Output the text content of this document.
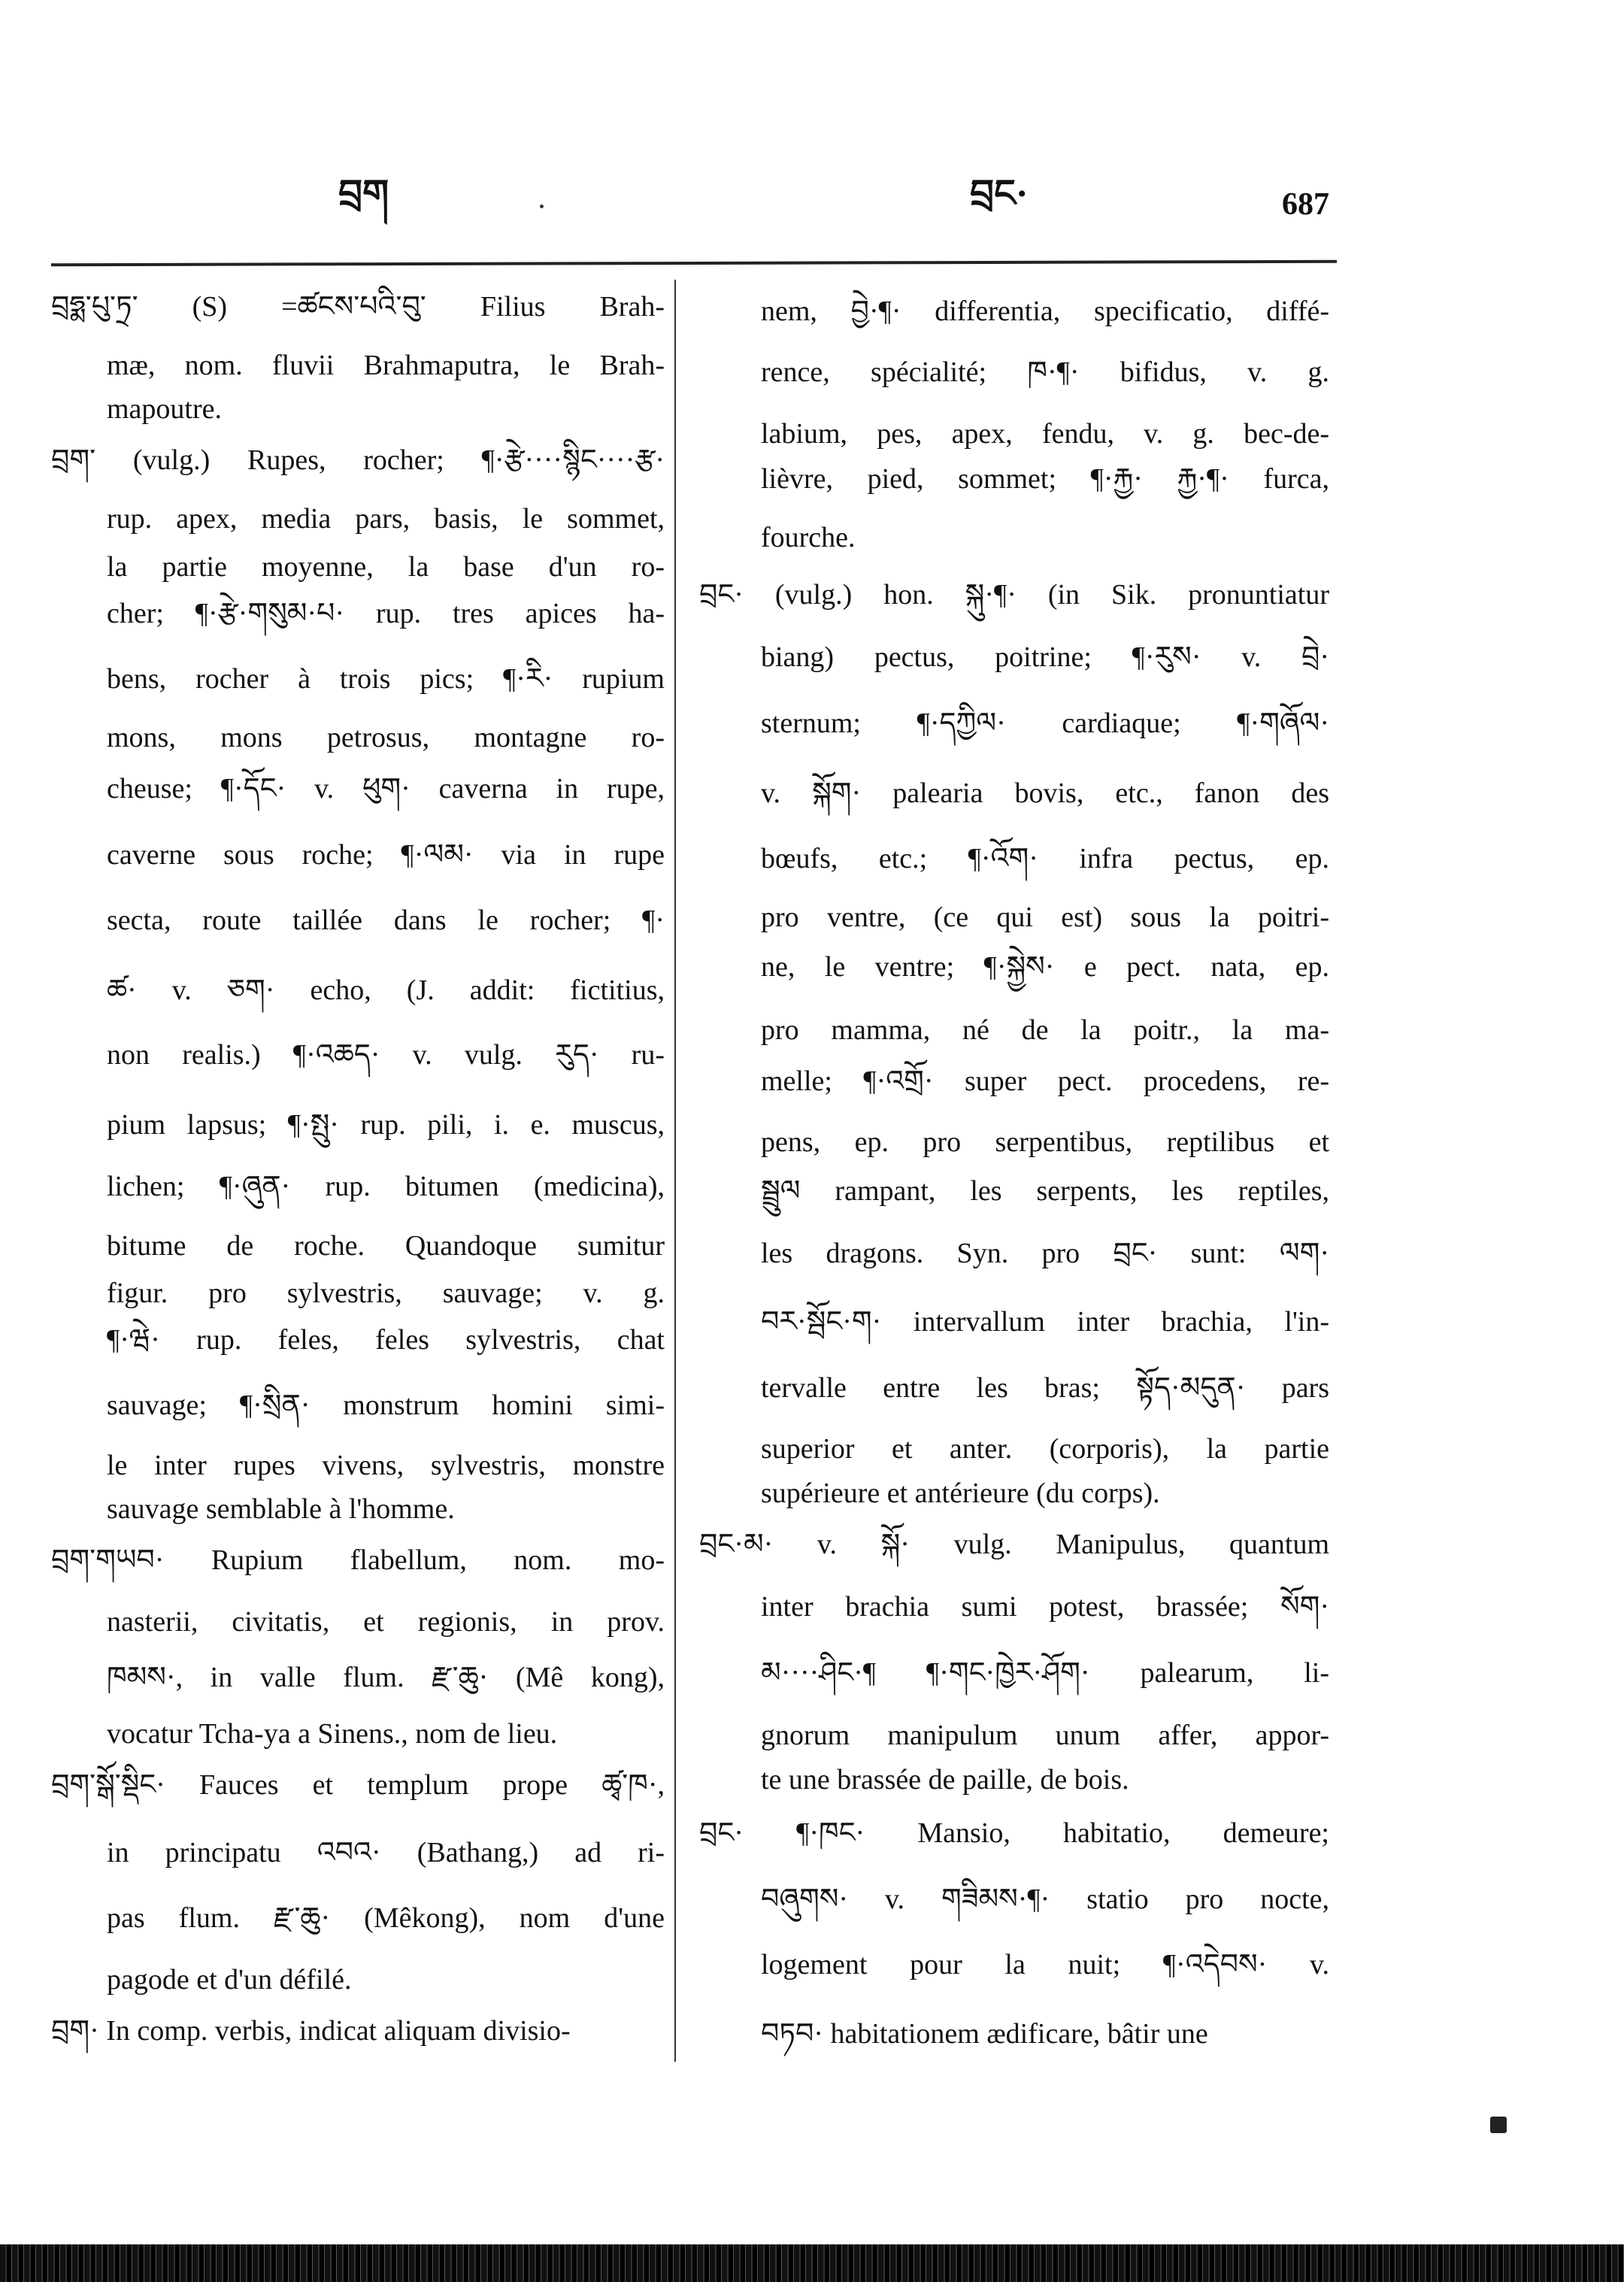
བྲག	བྲང·	687
བྲཧྨ་པུ་ཏྲ་ (S) =ཚངས་པའི་བུ་ Filius Brah-
mæ, nom. fluvii Brahmaputra, le Brah-
mapoutre.
བྲག་ (vulg.) Rupes, rocher; ¶·རྩེ····སྙིང····རྩ·
rup. apex, media pars, basis, le sommet,
la partie moyenne, la base d'un ro-
cher; ¶·རྩེ·གསུམ·པ· rup. tres apices ha-
bens, rocher à trois pics; ¶·རི· rupium
mons, mons petrosus, montagne ro-
cheuse; ¶·དོང· v. ཕུག· caverna in rupe,
caverne sous roche; ¶·ལམ· via in rupe
secta, route taillée dans le rocher; ¶·
ཚ· v. ཅག· echo, (J. addit: fictitius,
non realis.) ¶·འཆད· v. vulg. རུད· ru-
pium lapsus; ¶·སྤུ· rup. pili, i. e. muscus,
lichen; ¶·ཞུན· rup. bitumen (medicina),
bitume de roche. Quandoque sumitur
figur. pro sylvestris, sauvage; v. g.
¶·ཝེ· rup. feles, feles sylvestris, chat
sauvage; ¶·སྲིན· monstrum homini simi-
le inter rupes vivens, sylvestris, monstre
sauvage semblable à l'homme.
བྲག་གཡབ· Rupium flabellum, nom. mo-
nasterii, civitatis, et regionis, in prov.
ཁམས·, in valle flum. རྫ་ཆུ· (Mê kong),
vocatur Tcha-ya a Sinens., nom de lieu.
བྲག་སྒོ་སྡིང· Fauces et templum prope ཚྭ་ཁ·,
in principatu འབའ· (Bathang,) ad ri-
pas flum. རྫ་ཆུ· (Mêkong), nom d'une
pagode et d'un défilé.
བྲག· In comp. verbis, indicat aliquam divisio-
nem, བྱེ·¶· differentia, specificatio, diffé-
rence, spécialité; ཁ·¶· bifidus, v. g.
labium, pes, apex, fendu, v. g. bec-de-
lièvre, pied, sommet; ¶·རྐྱ· རྐྱ·¶· furca,
fourche.
བྲང· (vulg.) hon. སྐུ·¶· (in Sik. pronuntiatur
biang) pectus, poitrine; ¶·རུས· v. བྲེ·
sternum; ¶·དཀྱིལ· cardiaque; ¶·གཞོལ·
v. སྐོག· palearia bovis, etc., fanon des
bœufs, etc.; ¶·འོག· infra pectus, ep.
pro ventre, (ce qui est) sous la poitri-
ne, le ventre; ¶·སྐྱེས· e pect. nata, ep.
pro mamma, né de la poitr., la ma-
melle; ¶·འགྲོ· super pect. procedens, re-
pens, ep. pro serpentibus, reptilibus et
སྦྲུལ rampant, les serpents, les reptiles,
les dragons. Syn. pro བྲང· sunt: ལག·
བར·སྦོང·ག· intervallum inter brachia, l'in-
tervalle entre les bras; སྟོད·མདུན· pars
superior et anter. (corporis), la partie
supérieure et antérieure (du corps).
བྲང·མ· v. སྐོ· vulg. Manipulus, quantum
inter brachia sumi potest, brassée; སོག·
མ····ཤིང·¶ ¶·གང·ཁྱེར·ཤོག· palearum, li-
gnorum manipulum unum affer, appor-
te une brassée de paille, de bois.
བྲང· ¶·ཁང· Mansio, habitatio, demeure;
བཞུགས· v. གཟིམས·¶· statio pro nocte,
logement pour la nuit; ¶·འདེབས· v.
བཏབ· habitationem ædificare, bâtir une
